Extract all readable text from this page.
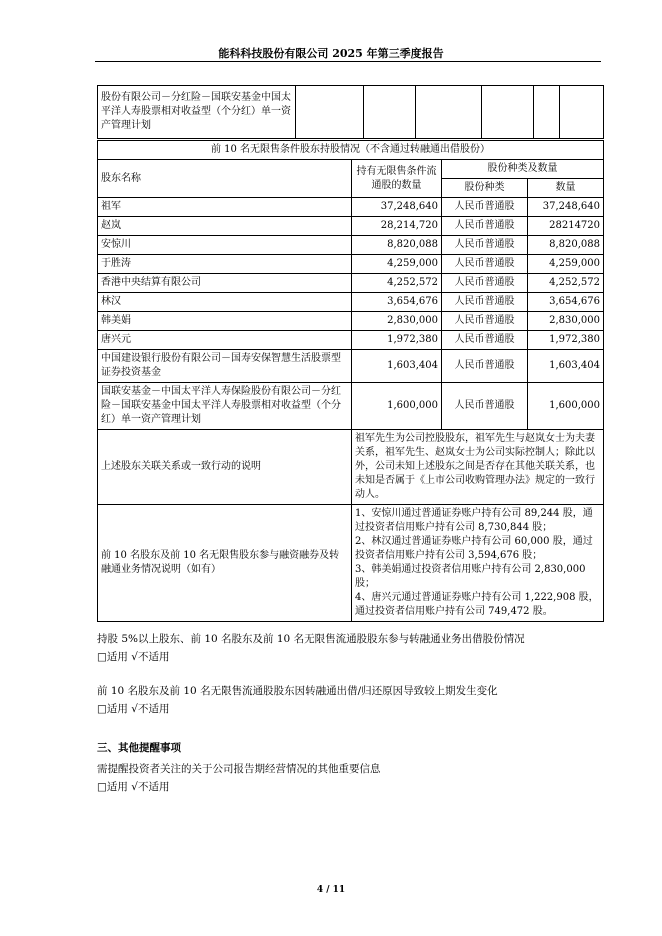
能科科技股份有限公司 2025 年第三季度报告
股份有限公司－分红险－国联安基金中国太平洋人寿股票相对收益型（个分红）单一资产管理计划						
前 10 名无限售条件股东持股情况（不含通过转融通出借股份）			
股东名称	持有无限售条件流通股的数量	股份种类及数量	
		股份种类	数量
祖军	37,248,640	人民币普通股	37,248,640
赵岚	28,214,720	人民币普通股	28214720
安惊川	8,820,088	人民币普通股	8,820,088
于胜涛	4,259,000	人民币普通股	4,259,000
香港中央结算有限公司	4,252,572	人民币普通股	4,252,572
林汉	3,654,676	人民币普通股	3,654,676
韩美娟	2,830,000	人民币普通股	2,830,000
唐兴元	1,972,380	人民币普通股	1,972,380
中国建设银行股份有限公司－国寿安保智慧生活股票型证券投资基金	1,603,404	人民币普通股	1,603,404
国联安基金－中国太平洋人寿保险股份有限公司－分红险－国联安基金中国太平洋人寿股票相对收益型（个分红）单一资产管理计划	1,600,000	人民币普通股	1,600,000
上述股东关联关系或一致行动的说明	祖军先生为公司控股股东，祖军先生与赵岚女士为夫妻关系，祖军先生、赵岚女士为公司实际控制人；除此以外，公司未知上述股东之间是否存在其他关联关系，也未知是否属于《上市公司收购管理办法》规定的一致行动人。		
前 10 名股东及前 10 名无限售股东参与融资融券及转融通业务情况说明（如有）	1、安惊川通过普通证券账户持有公司 89,244 股，通过投资者信用账户持有公司 8,730,844 股；
2、林汉通过普通证券账户持有公司 60,000 股，通过投资者信用账户持有公司 3,594,676 股；
3、韩美娟通过投资者信用账户持有公司 2,830,000 股；
4、唐兴元通过普通证券账户持有公司 1,222,908 股，通过投资者信用账户持有公司 749,472 股。		
持股 5%以上股东、前 10 名股东及前 10 名无限售流通股股东参与转融通业务出借股份情况
□适用 √不适用
前 10 名股东及前 10 名无限售流通股股东因转融通出借/归还原因导致较上期发生变化
□适用 √不适用
三、其他提醒事项
需提醒投资者关注的关于公司报告期经营情况的其他重要信息
□适用 √不适用
4 / 11
